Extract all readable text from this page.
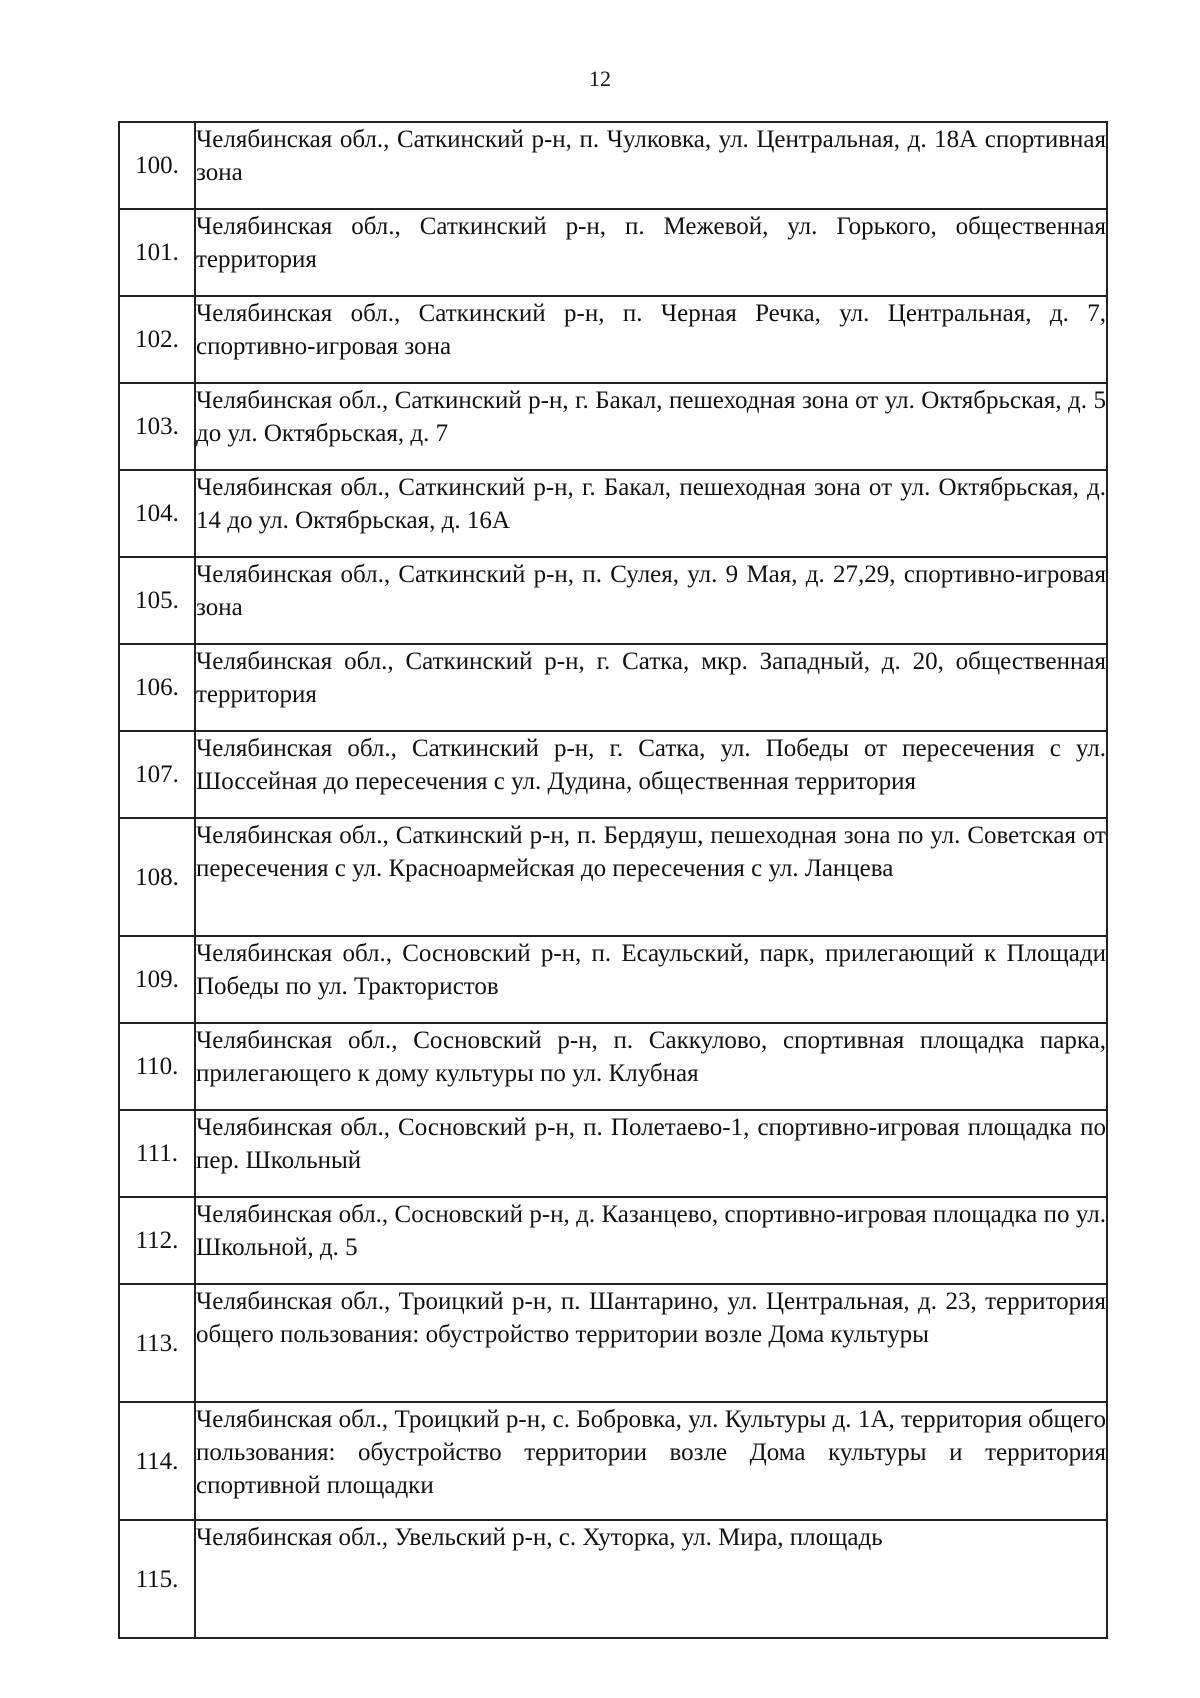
12
100.	Челябинская обл., Саткинский р-н, п. Чулковка, ул. Центральная, д. 18А спортивная зона
101.	Челябинская обл., Саткинский р-н, п. Межевой, ул. Горького, общественная территория
102.	Челябинская обл., Саткинский р-н, п. Черная Речка, ул. Центральная, д. 7, спортивно-игровая зона
103.	Челябинская обл., Саткинский р-н, г. Бакал, пешеходная зона от ул. Октябрьская, д. 5 до ул. Октябрьская, д. 7
104.	Челябинская обл., Саткинский р-н, г. Бакал, пешеходная зона от ул. Октябрьская, д. 14 до ул. Октябрьская, д. 16А
105.	Челябинская обл., Саткинский р-н, п. Сулея, ул. 9 Мая, д. 27,29, спортивно-игровая зона
106.	Челябинская обл., Саткинский р-н, г. Сатка, мкр. Западный, д. 20, общественная территория
107.	Челябинская обл., Саткинский р-н, г. Сатка, ул. Победы от пересечения с ул. Шоссейная до пересечения с ул. Дудина, общественная территория
108.	Челябинская обл., Саткинский р-н, п. Бердяуш, пешеходная зона по ул. Советская от пересечения с ул. Красноармейская до пересечения с ул. Ланцева
109.	Челябинская обл., Сосновский р-н, п. Есаульский, парк, прилегающий к Площади Победы по ул. Трактористов
110.	Челябинская обл., Сосновский р-н, п. Саккулово, спортивная площадка парка, прилегающего к дому культуры по ул. Клубная
111.	Челябинская обл., Сосновский р-н, п. Полетаево-1, спортивно-игровая площадка по пер. Школьный
112.	Челябинская обл., Сосновский р-н, д. Казанцево, спортивно-игровая площадка по ул. Школьной, д. 5
113.	Челябинская обл., Троицкий р-н, п. Шантарино, ул. Центральная, д. 23, территория общего пользования: обустройство территории возле Дома культуры
114.	Челябинская обл., Троицкий р-н, с. Бобровка, ул. Культуры д. 1А, территория общего пользования: обустройство территории возле Дома культуры и территория спортивной площадки
115.	Челябинская обл., Увельский р-н, с. Хуторка, ул. Мира, площадь
